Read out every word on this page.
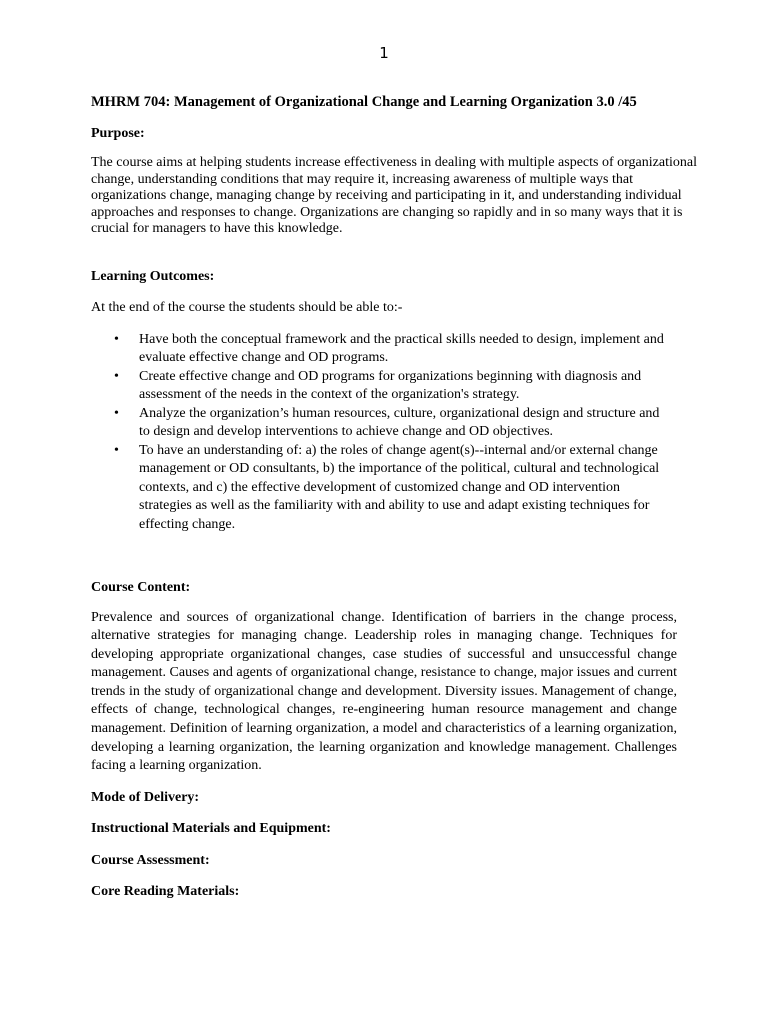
1

MHRM 704: Management of Organizational Change and Learning Organization 3.0 /45

Purpose:

The course aims at helping students increase effectiveness in dealing with multiple aspects of organizational change, understanding conditions that may require it, increasing awareness of multiple ways that organizations change, managing change by receiving and participating in it, and understanding individual approaches and responses to change. Organizations are changing so rapidly and in so many ways that it is crucial for managers to have this knowledge.

Learning Outcomes:

At the end of the course the students should be able to:-

• Have both the conceptual framework and the practical skills needed to design, implement and evaluate effective change and OD programs.
• Create effective change and OD programs for organizations beginning with diagnosis and assessment of the needs in the context of the organization's strategy.
• Analyze the organization’s human resources, culture, organizational design and structure and to design and develop interventions to achieve change and OD objectives.
• To have an understanding of: a) the roles of change agent(s)--internal and/or external change management or OD consultants, b) the importance of the political, cultural and technological contexts, and c) the effective development of customized change and OD intervention strategies as well as the familiarity with and ability to use and adapt existing techniques for effecting change.

Course Content:

Prevalence and sources of organizational change. Identification of barriers in the change process, alternative strategies for managing change. Leadership roles in managing change. Techniques for developing appropriate organizational changes, case studies of successful and unsuccessful change management. Causes and agents of organizational change, resistance to change, major issues and current trends in the study of organizational change and development. Diversity issues. Management of change, effects of change, technological changes, re-engineering human resource management and change management. Definition of learning organization, a model and characteristics of a learning organization, developing a learning organization, the learning organization and knowledge management. Challenges facing a learning organization.

Mode of Delivery:

Instructional Materials and Equipment:

Course Assessment:

Core Reading Materials:
